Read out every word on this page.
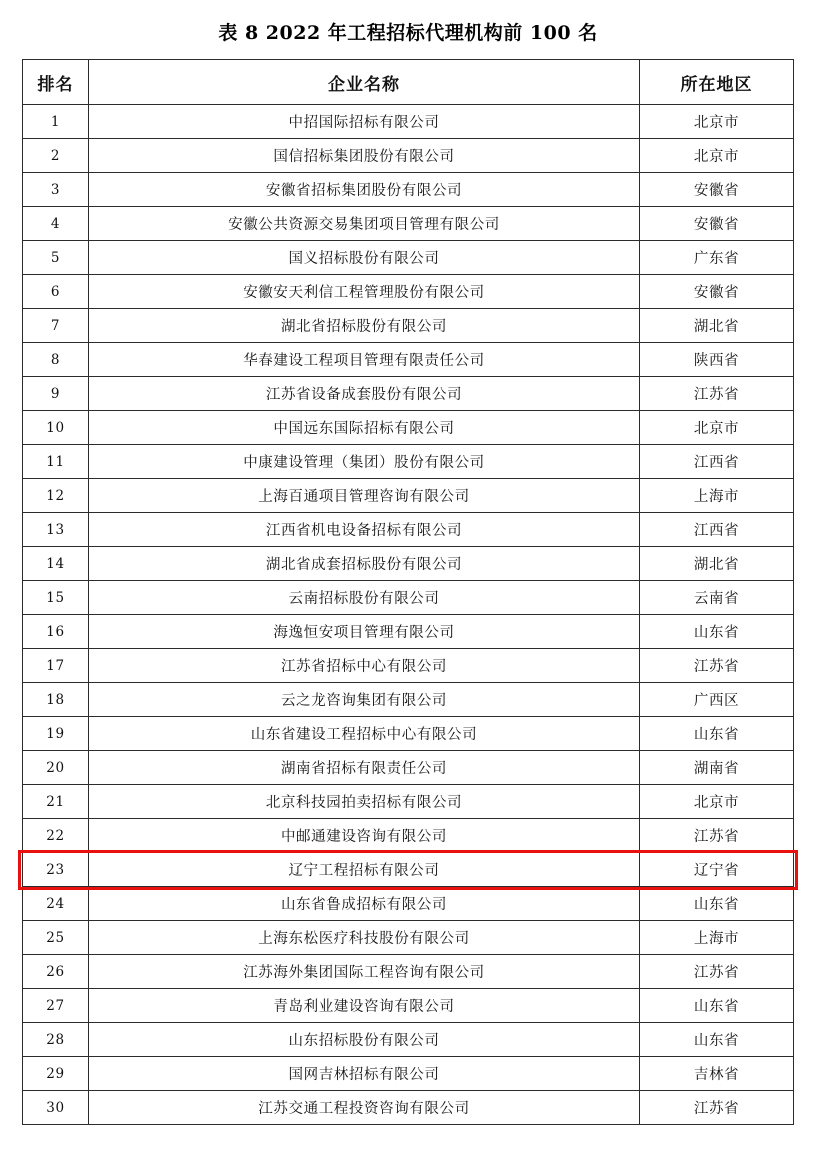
表 8 2022 年工程招标代理机构前 100 名
排名	企业名称	所在地区
1	中招国际招标有限公司	北京市
2	国信招标集团股份有限公司	北京市
3	安徽省招标集团股份有限公司	安徽省
4	安徽公共资源交易集团项目管理有限公司	安徽省
5	国义招标股份有限公司	广东省
6	安徽安天利信工程管理股份有限公司	安徽省
7	湖北省招标股份有限公司	湖北省
8	华春建设工程项目管理有限责任公司	陕西省
9	江苏省设备成套股份有限公司	江苏省
10	中国远东国际招标有限公司	北京市
11	中康建设管理（集团）股份有限公司	江西省
12	上海百通项目管理咨询有限公司	上海市
13	江西省机电设备招标有限公司	江西省
14	湖北省成套招标股份有限公司	湖北省
15	云南招标股份有限公司	云南省
16	海逸恒安项目管理有限公司	山东省
17	江苏省招标中心有限公司	江苏省
18	云之龙咨询集团有限公司	广西区
19	山东省建设工程招标中心有限公司	山东省
20	湖南省招标有限责任公司	湖南省
21	北京科技园拍卖招标有限公司	北京市
22	中邮通建设咨询有限公司	江苏省
23	辽宁工程招标有限公司	辽宁省
24	山东省鲁成招标有限公司	山东省
25	上海东松医疗科技股份有限公司	上海市
26	江苏海外集团国际工程咨询有限公司	江苏省
27	青岛利业建设咨询有限公司	山东省
28	山东招标股份有限公司	山东省
29	国网吉林招标有限公司	吉林省
30	江苏交通工程投资咨询有限公司	江苏省
